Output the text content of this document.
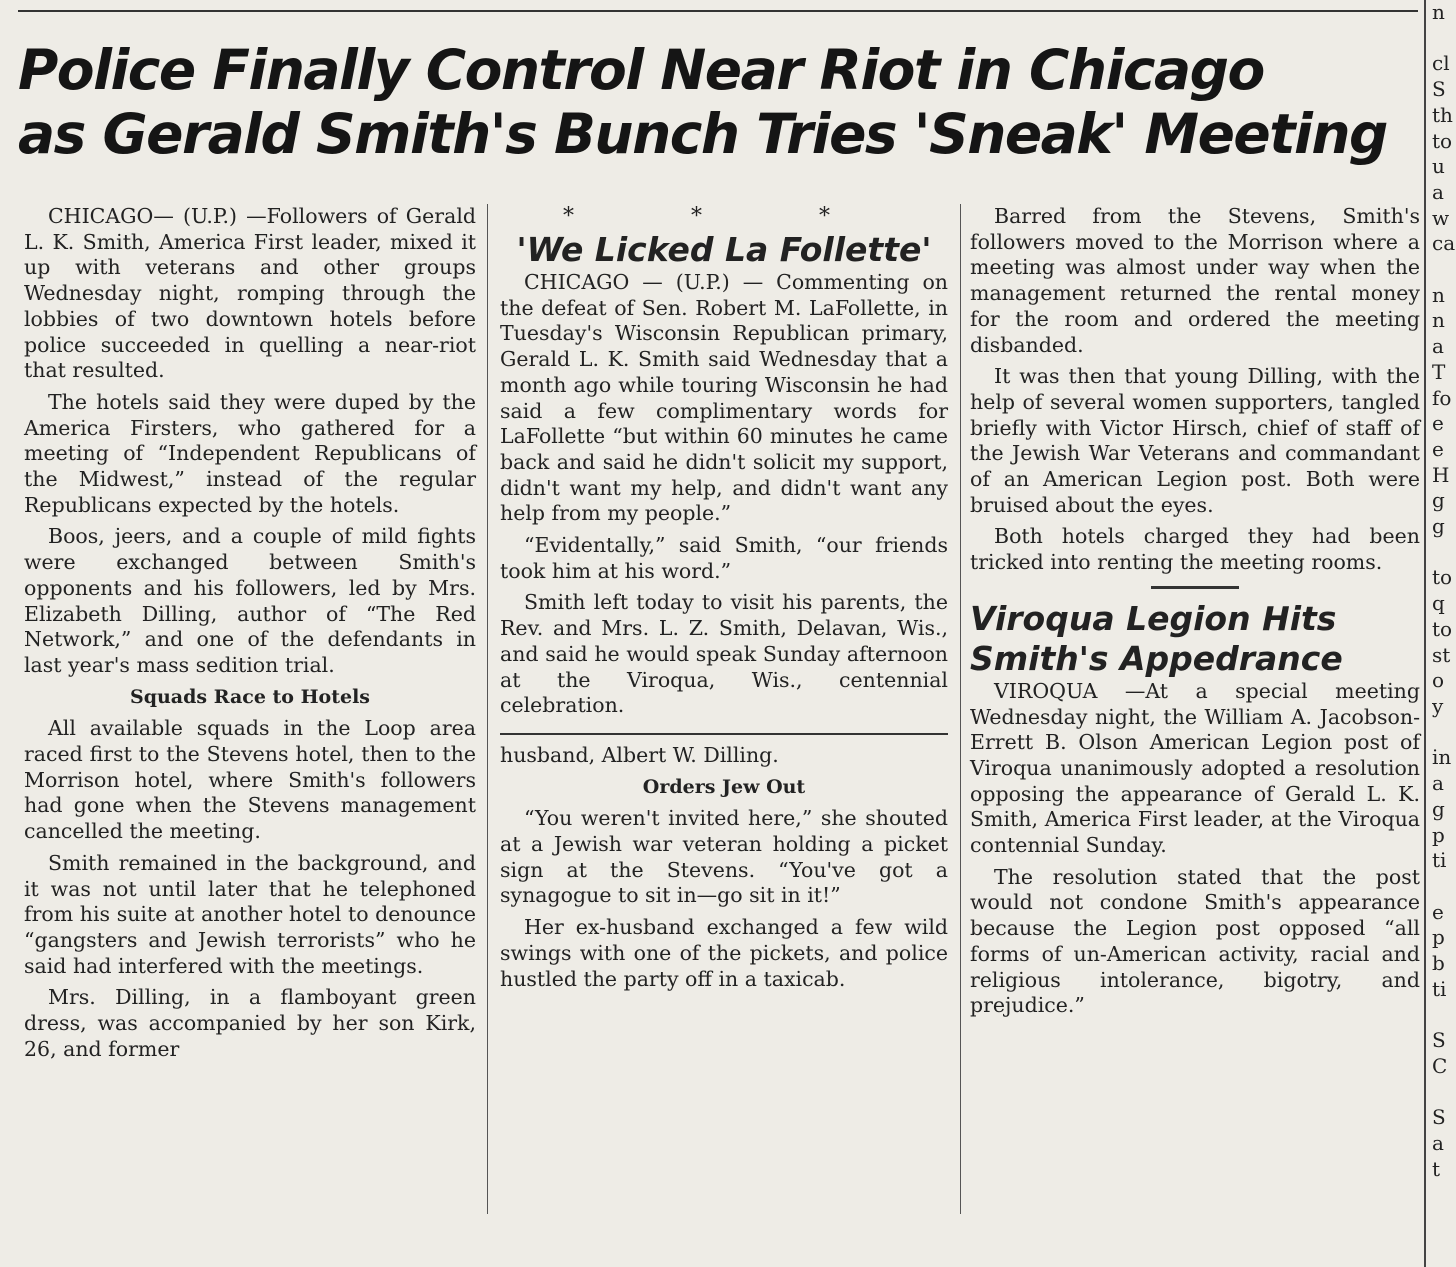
Police Finally Control Near Riot in Chicago
as Gerald Smith's Bunch Tries 'Sneak' Meeting

CHICAGO— (U.P.) —Followers of Gerald L. K. Smith, America First leader, mixed it up with veterans and other groups Wednesday night, romping through the lobbies of two downtown hotels before police succeeded in quelling a near-riot that resulted.

The hotels said they were duped by the America Firsters, who gathered for a meeting of “Independent Republicans of the Midwest,” instead of the regular Republicans expected by the hotels.

Boos, jeers, and a couple of mild fights were exchanged between Smith's opponents and his followers, led by Mrs. Elizabeth Dilling, author of “The Red Network,” and one of the defendants in last year's mass sedition trial.

Squads Race to Hotels

All available squads in the Loop area raced first to the Stevens hotel, then to the Morrison hotel, where Smith's followers had gone when the Stevens management cancelled the meeting.

Smith remained in the background, and it was not until later that he telephoned from his suite at another hotel to denounce “gangsters and Jewish terrorists” who he said had interfered with the meetings.

Mrs. Dilling, in a flamboyant green dress, was accompanied by her son Kirk, 26, and former

* * *
'We Licked La Follette'

CHICAGO — (U.P.) — Commenting on the defeat of Sen. Robert M. LaFollette, in Tuesday's Wisconsin Republican primary, Gerald L. K. Smith said Wednesday that a month ago while touring Wisconsin he had said a few complimentary words for LaFollette “but within 60 minutes he came back and said he didn't solicit my support, didn't want my help, and didn't want any help from my people.”

“Evidentally,” said Smith, “our friends took him at his word.”

Smith left today to visit his parents, the Rev. and Mrs. L. Z. Smith, Delavan, Wis., and said he would speak Sunday afternoon at the Viroqua, Wis., centennial celebration.

husband, Albert W. Dilling.

Orders Jew Out

“You weren't invited here,” she shouted at a Jewish war veteran holding a picket sign at the Stevens. “You've got a synagogue to sit in—go sit in it!”

Her ex-husband exchanged a few wild swings with one of the pickets, and police hustled the party off in a taxicab.

Barred from the Stevens, Smith's followers moved to the Morrison where a meeting was almost under way when the management returned the rental money for the room and ordered the meeting disbanded.

It was then that young Dilling, with the help of several women supporters, tangled briefly with Victor Hirsch, chief of staff of the Jewish War Veterans and commandant of an American Legion post. Both were bruised about the eyes.

Both hotels charged they had been tricked into renting the meeting rooms.

Viroqua Legion Hits
Smith's Appedrance

VIROQUA —At a special meeting Wednesday night, the William A. Jacobson-Errett B. Olson American Legion post of Viroqua unanimously adopted a resolution opposing the appearance of Gerald L. K. Smith, America First leader, at the Viroqua contennial Sunday.

The resolution stated that the post would not condone Smith's appearance because the Legion post opposed “all forms of un-American activity, racial and religious intolerance, bigotry, and prejudice.”

n

cl
S
th
to
u
a
w
ca

n
n
a
T
fo
e
e
H
g
g

to
q
to
st
o
y

in
a
g
p
ti

e
p
b
ti

S
C

S
a
t
